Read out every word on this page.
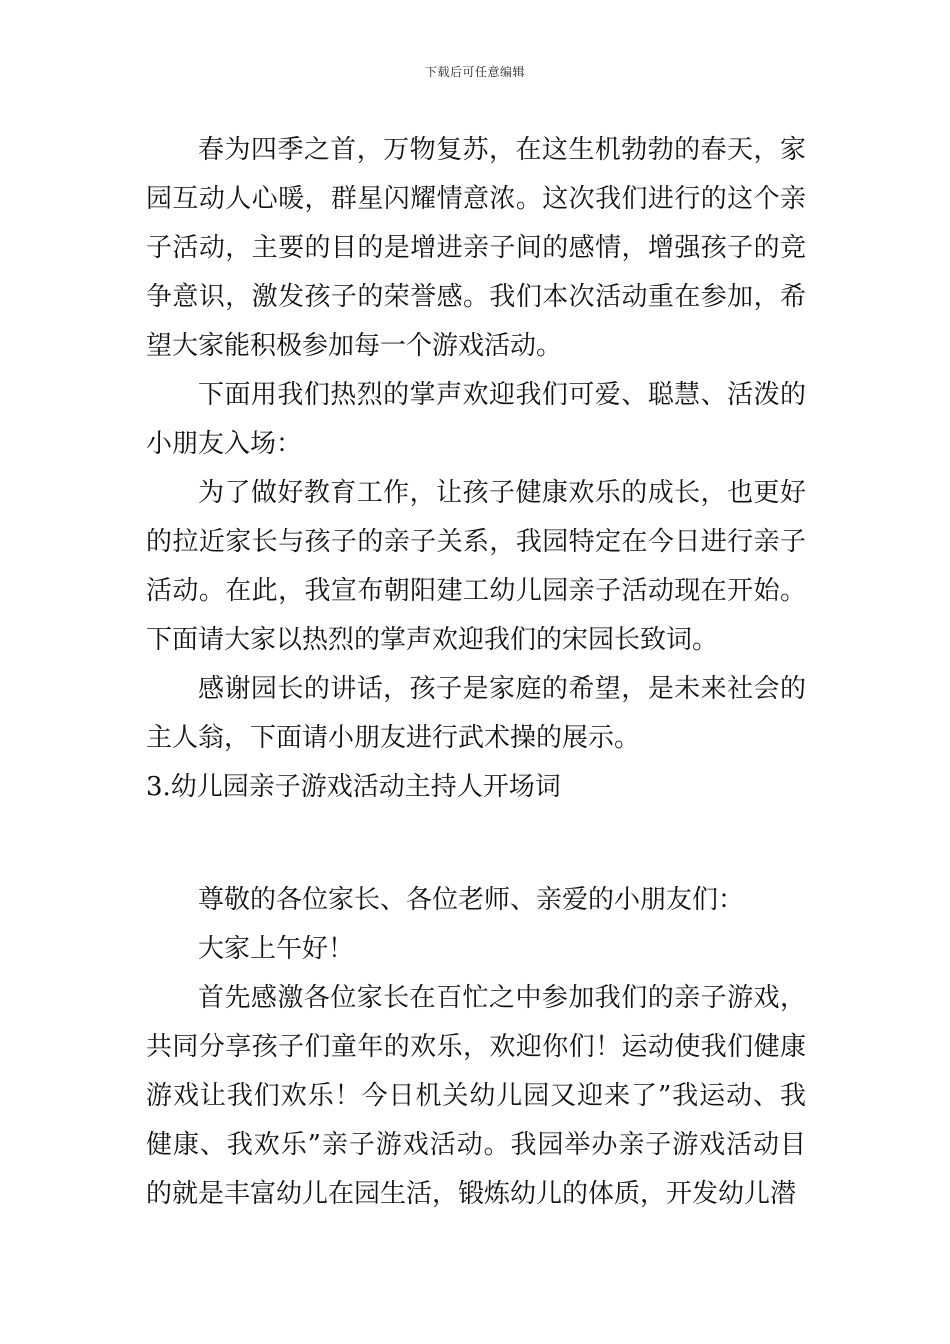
下载后可任意编辑

春为四季之首，万物复苏，在这生机勃勃的春天，家园互动人心暖，群星闪耀情意浓。这次我们进行的这个亲子活动，主要的目的是增进亲子间的感情，增强孩子的竞争意识，激发孩子的荣誉感。我们本次活动重在参加，希望大家能积极参加每一个游戏活动。

下面用我们热烈的掌声欢迎我们可爱、聪慧、活泼的小朋友入场：

为了做好教育工作，让孩子健康欢乐的成长，也更好的拉近家长与孩子的亲子关系，我园特定在今日进行亲子活动。在此，我宣布朝阳建工幼儿园亲子活动现在开始。下面请大家以热烈的掌声欢迎我们的宋园长致词。

感谢园长的讲话，孩子是家庭的希望，是未来社会的主人翁，下面请小朋友进行武术操的展示。

3.幼儿园亲子游戏活动主持人开场词

尊敬的各位家长、各位老师、亲爱的小朋友们：

大家上午好！

首先感激各位家长在百忙之中参加我们的亲子游戏，共同分享孩子们童年的欢乐，欢迎你们！运动使我们健康游戏让我们欢乐！今日机关幼儿园又迎来了”我运动、我健康、我欢乐”亲子游戏活动。我园举办亲子游戏活动目的就是丰富幼儿在园生活，锻炼幼儿的体质，开发幼儿潜
